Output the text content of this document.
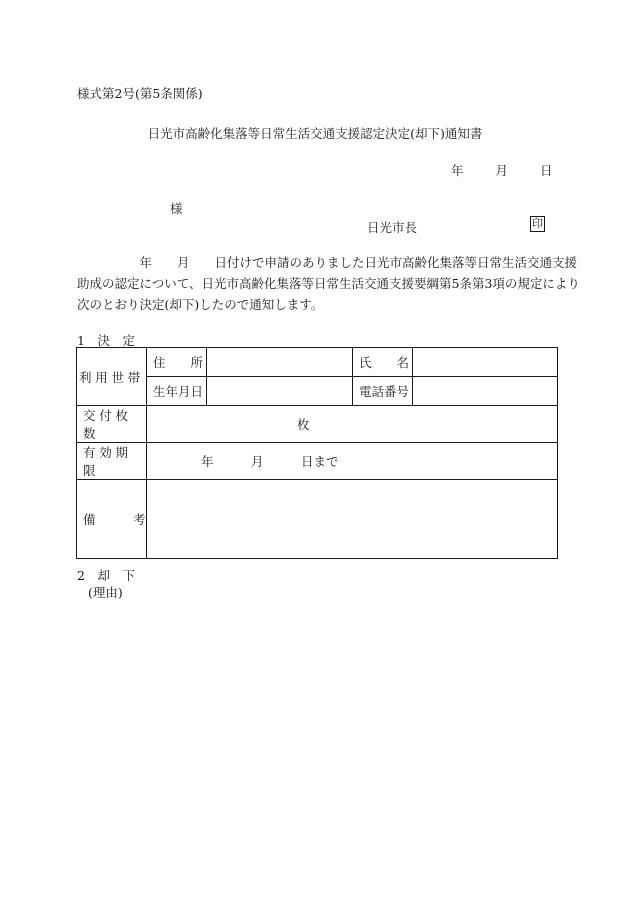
様式第2号(第5条関係)
日光市高齢化集落等日常生活交通支援認定決定(却下)通知書
年	月	日
様
日光市長	印
　　　　　年　　月　　日付けで申請のありました日光市高齢化集落等日常生活交通支援
助成の認定について、日光市高齢化集落等日常生活交通支援要綱第5条第3項の規定により
次のとおり決定(却下)したので通知します。
1　決　定
利用世帯	住　　所		氏　　名	
	生年月日		電話番号	
交付枚数	枚			
有効期限	年　　　月　　　日まで			
備　　　考				
2　却　下
(理由)
